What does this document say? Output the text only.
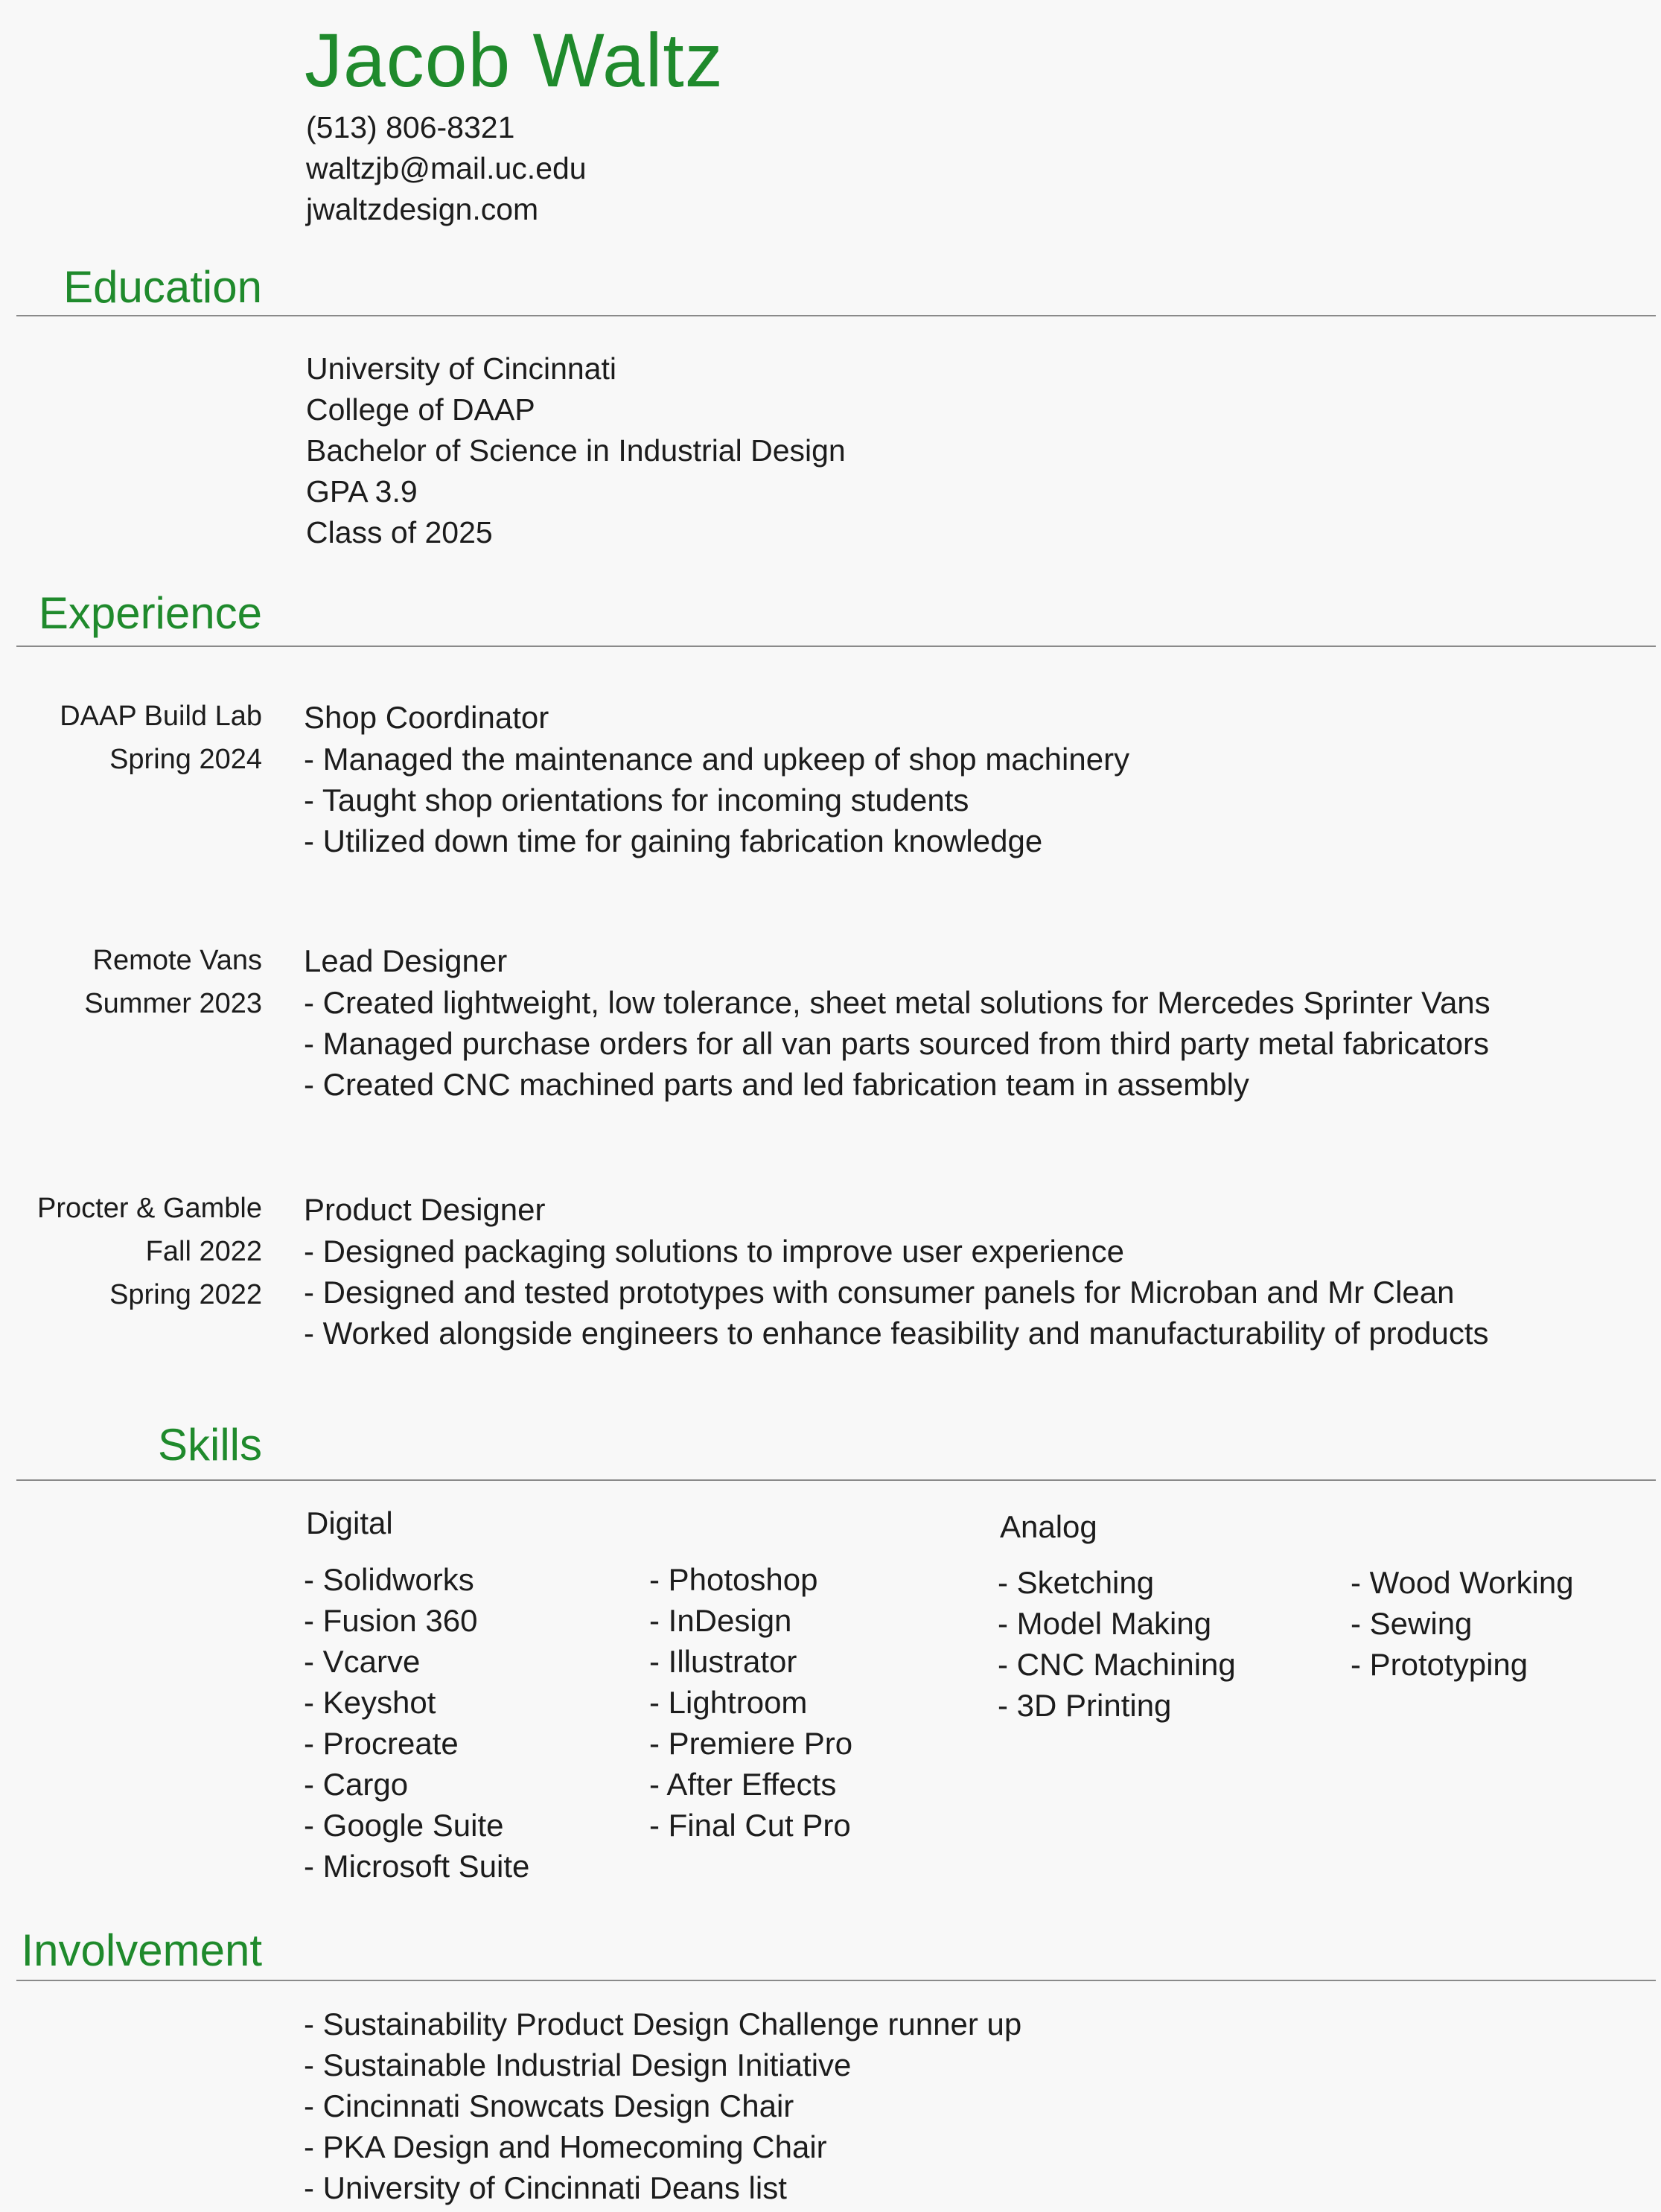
Jacob Waltz
(513) 806-8321
waltzjb@mail.uc.edu
jwaltzdesign.com
Education
University of Cincinnati
College of DAAP
Bachelor of Science in Industrial Design
GPA 3.9
Class of 2025
Experience
DAAP Build Lab
Spring 2024
Shop Coordinator
- Managed the maintenance and upkeep of shop machinery
- Taught shop orientations for incoming students
- Utilized down time for gaining fabrication knowledge
Remote Vans
Summer 2023
Lead Designer
- Created lightweight, low tolerance, sheet metal solutions for Mercedes Sprinter Vans
- Managed purchase orders for all van parts sourced from third party metal fabricators
- Created CNC machined parts and led fabrication team in assembly
Procter & Gamble
Fall 2022
Spring 2022
Product Designer
- Designed packaging solutions to improve user experience
- Designed and tested prototypes with consumer panels for Microban and Mr Clean
- Worked alongside engineers to enhance feasibility and manufacturability of products
Skills
Digital
- Solidworks
- Fusion 360
- Vcarve
- Keyshot
- Procreate
- Cargo
- Google Suite
- Microsoft Suite
- Photoshop
- InDesign
- Illustrator
- Lightroom
- Premiere Pro
- After Effects
- Final Cut Pro
Analog
- Sketching
- Model Making
- CNC Machining
- 3D Printing
- Wood Working
- Sewing
- Prototyping
Involvement
- Sustainability Product Design Challenge runner up
- Sustainable Industrial Design Initiative
- Cincinnati Snowcats Design Chair
- PKA Design and Homecoming Chair
- University of Cincinnati Deans list
